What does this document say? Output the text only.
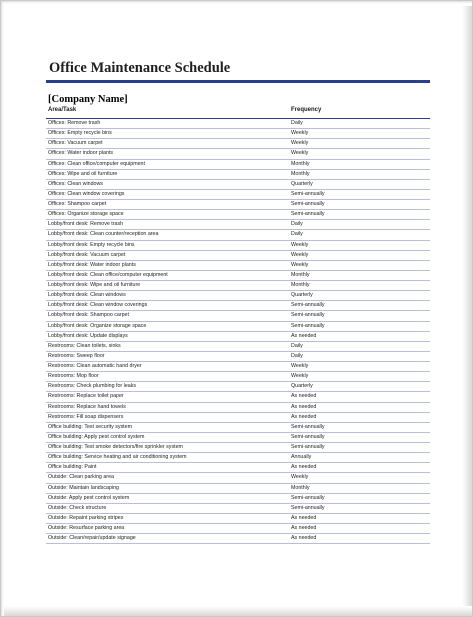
Office Maintenance Schedule
[Company Name]
Area/Task	Frequency
Offices: Remove trash	Daily
Offices: Empty recycle bins	Weekly
Offices: Vacuum carpet	Weekly
Offices: Water indoor plants	Weekly
Offices: Clean office/computer equipment	Monthly
Offices: Wipe and oil furniture	Monthly
Offices: Clean windows	Quarterly
Offices: Clean window coverings	Semi-annually
Offices: Shampoo carpet	Semi-annually
Offices: Organize storage space	Semi-annually
Lobby/front desk: Remove trash	Daily
Lobby/front desk: Clean counter/reception area	Daily
Lobby/front desk: Empty recycle bins	Weekly
Lobby/front desk: Vacuum carpet	Weekly
Lobby/front desk: Water indoor plants	Weekly
Lobby/front desk: Clean office/computer equipment	Monthly
Lobby/front desk: Wipe and oil furniture	Monthly
Lobby/front desk: Clean windows	Quarterly
Lobby/front desk: Clean window coverings	Semi-annually
Lobby/front desk: Shampoo carpet	Semi-annually
Lobby/front desk: Organize storage space	Semi-annually
Lobby/front desk: Update displays	As needed
Restrooms: Clean toilets, sinks	Daily
Restrooms: Sweep floor	Daily
Restrooms: Clean automatic hand dryer	Weekly
Restrooms: Mop floor	Weekly
Restrooms: Check plumbing for leaks	Quarterly
Restrooms: Replace toilet paper	As needed
Restrooms: Replace hand towels	As needed
Restrooms: Fill soap dispensers	As needed
Office building: Test security system	Semi-annually
Office building: Apply pest control system	Semi-annually
Office building: Test smoke detectors/fire sprinkler system	Semi-annually
Office building: Service heating and air conditioning system	Annually
Office building: Paint	As needed
Outside: Clean parking area	Weekly
Outside: Maintain landscaping	Monthly
Outside: Apply pest control system	Semi-annually
Outside: Check structure	Semi-annually
Outside: Repaint parking stripes	As needed
Outside: Resurface parking area	As needed
Outside: Clean/repair/update signage	As needed
